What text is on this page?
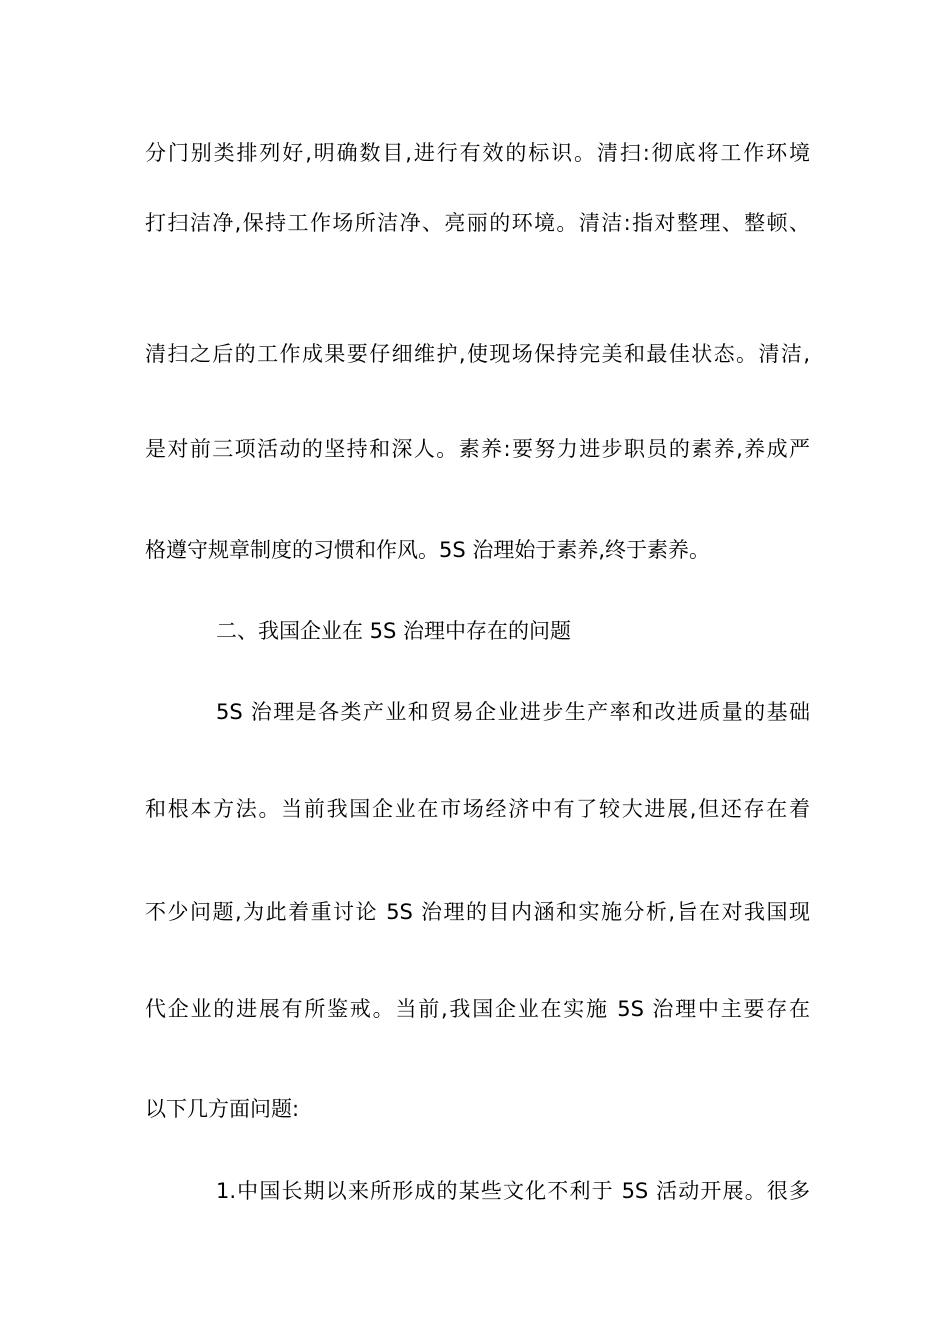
分门别类排列好,明确数目,进行有效的标识。清扫:彻底将工作环境
打扫洁净,保持工作场所洁净、亮丽的环境。清洁:指对整理、整顿、
清扫之后的工作成果要仔细维护,使现场保持完美和最佳状态。清洁,
是对前三项活动的坚持和深人。素养:要努力进步职员的素养,养成严
格遵守规章制度的习惯和作风。5S 治理始于素养,终于素养。
二、我国企业在 5S 治理中存在的问题
5S 治理是各类产业和贸易企业进步生产率和改进质量的基础
和根本方法。当前我国企业在市场经济中有了较大进展,但还存在着
不少问题,为此着重讨论 5S 治理的目内涵和实施分析,旨在对我国现
代企业的进展有所鉴戒。当前,我国企业在实施 5S 治理中主要存在
以下几方面问题:
1.中国长期以来所形成的某些文化不利于 5S 活动开展。很多
